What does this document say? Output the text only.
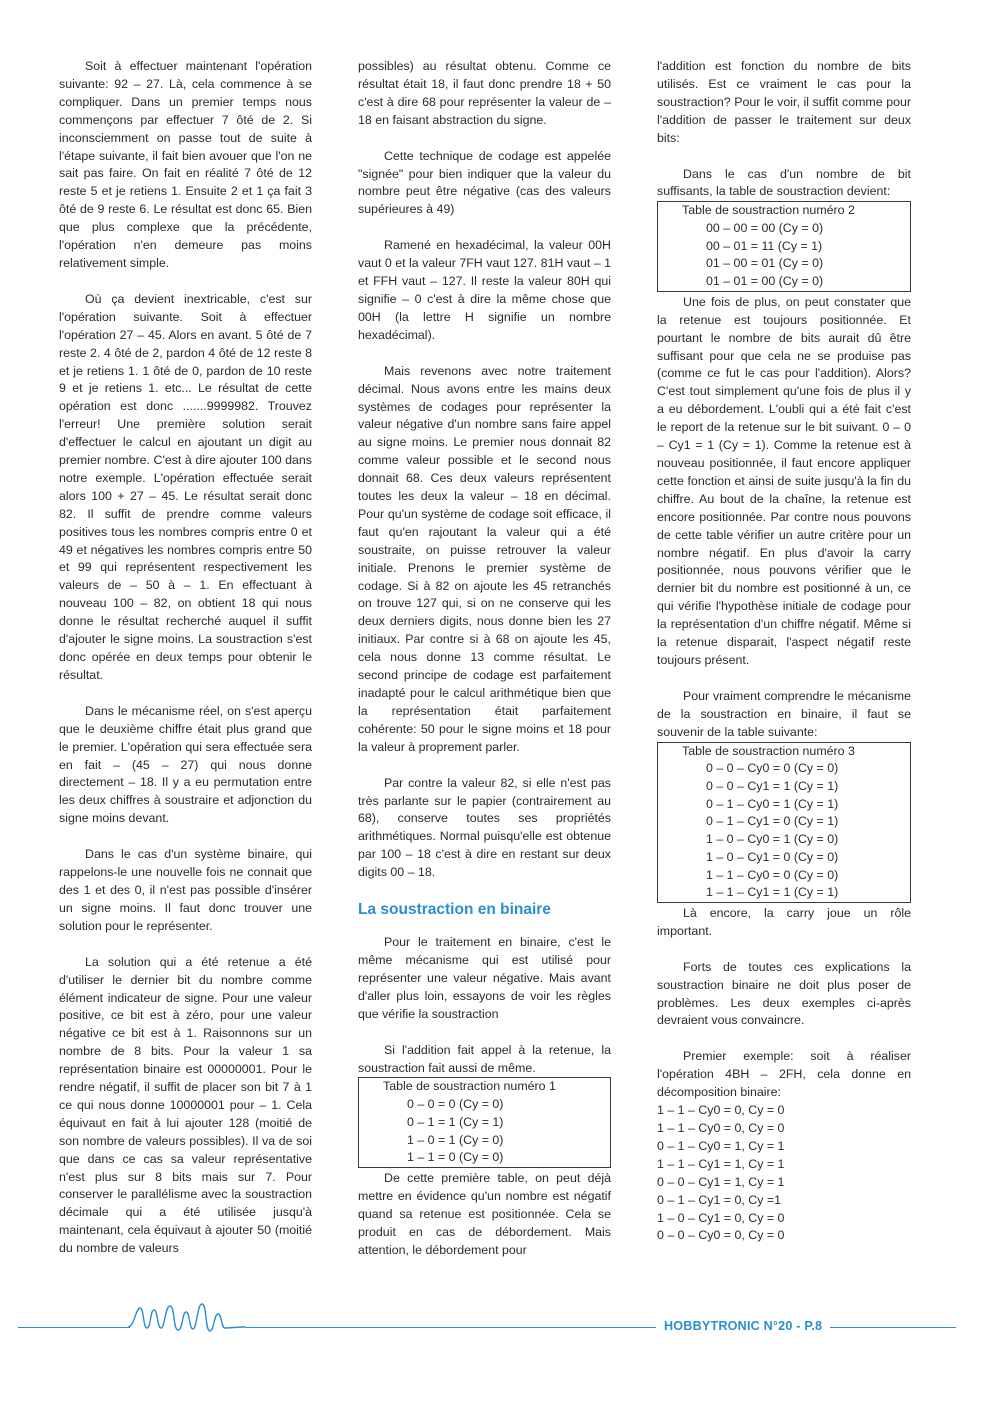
Soit à effectuer maintenant l'opération suivante: 92 – 27. Là, cela commence à se compliquer. Dans un premier temps nous commençons par effectuer 7 ôté de 2. Si inconsciemment on passe tout de suite à l'étape suivante, il fait bien avouer que l'on ne sait pas faire. On fait en réalité 7 ôté de 12 reste 5 et je retiens 1. Ensuite 2 et 1 ça fait 3 ôté de 9 reste 6. Le résultat est donc 65. Bien que plus complexe que la précédente, l'opération n'en demeure pas moins relativement simple.

Où ça devient inextricable, c'est sur l'opération suivante. Soit à effectuer l'opération 27 – 45. Alors en avant. 5 ôté de 7 reste 2. 4 ôté de 2, pardon 4 ôté de 12 reste 8 et je retiens 1. 1 ôté de 0, pardon de 10 reste 9 et je retiens 1. etc... Le résultat de cette opération est donc .......9999982. Trouvez l'erreur! Une première solution serait d'effectuer le calcul en ajoutant un digit au premier nombre. C'est à dire ajouter 100 dans notre exemple. L'opération effectuée serait alors 100 + 27 – 45. Le résultat serait donc 82. Il suffit de prendre comme valeurs positives tous les nombres compris entre 0 et 49 et négatives les nombres compris entre 50 et 99 qui représentent respectivement les valeurs de – 50 à – 1. En effectuant à nouveau 100 – 82, on obtient 18 qui nous donne le résultat recherché auquel il suffit d'ajouter le signe moins. La soustraction s'est donc opérée en deux temps pour obtenir le résultat.

Dans le mécanisme réel, on s'est aperçu que le deuxième chiffre était plus grand que le premier. L'opération qui sera effectuée sera en fait – (45 – 27) qui nous donne directement – 18. Il y a eu permutation entre les deux chiffres à soustraire et adjonction du signe moins devant.

Dans le cas d'un système binaire, qui rappelons-le une nouvelle fois ne connait que des 1 et des 0, il n'est pas possible d'insérer un signe moins. Il faut donc trouver une solution pour le représenter.

La solution qui a été retenue a été d'utiliser le dernier bit du nombre comme élément indicateur de signe. Pour une valeur positive, ce bit est à zéro, pour une valeur négative ce bit est à 1. Raisonnons sur un nombre de 8 bits. Pour la valeur 1 sa représentation binaire est 00000001. Pour le rendre négatif, il suffit de placer son bit 7 à 1 ce qui nous donne 10000001 pour – 1. Cela équivaut en fait à lui ajouter 128 (moitié de son nombre de valeurs possibles). Il va de soi que dans ce cas sa valeur représentative n'est plus sur 8 bits mais sur 7. Pour conserver le parallélisme avec la soustraction décimale qui a été utilisée jusqu'à maintenant, cela équivaut à ajouter 50 (moitié du nombre de valeurs

possibles) au résultat obtenu. Comme ce résultat était 18, il faut donc prendre 18 + 50 c'est à dire 68 pour représenter la valeur de – 18 en faisant abstraction du signe.

Cette technique de codage est appelée "signée" pour bien indiquer que la valeur du nombre peut être négative (cas des valeurs supérieures à 49)

Ramené en hexadécimal, la valeur 00H vaut 0 et la valeur 7FH vaut 127. 81H vaut – 1 et FFH vaut – 127. Il reste la valeur 80H qui signifie – 0 c'est à dire la même chose que 00H (la lettre H signifie un nombre hexadécimal).

Mais revenons avec notre traitement décimal. Nous avons entre les mains deux systèmes de codages pour représenter la valeur négative d'un nombre sans faire appel au signe moins. Le premier nous donnait 82 comme valeur possible et le second nous donnait 68. Ces deux valeurs représentent toutes les deux la valeur – 18 en décimal. Pour qu'un système de codage soit efficace, il faut qu'en rajoutant la valeur qui a été soustraite, on puisse retrouver la valeur initiale. Prenons le premier système de codage. Si à 82 on ajoute les 45 retranchés on trouve 127 qui, si on ne conserve qui les deux derniers digits, nous donne bien les 27 initiaux. Par contre si à 68 on ajoute les 45, cela nous donne 13 comme résultat. Le second principe de codage est parfaitement inadapté pour le calcul arithmétique bien que la représentation était parfaitement cohérente: 50 pour le signe moins et 18 pour la valeur à proprement parler.

Par contre la valeur 82, si elle n'est pas très parlante sur le papier (contrairement au 68), conserve toutes ses propriétés arithmétiques. Normal puisqu'elle est obtenue par 100 – 18 c'est à dire en restant sur deux digits 00 – 18.

La soustraction en binaire

Pour le traitement en binaire, c'est le même mécanisme qui est utilisé pour représenter une valeur négative. Mais avant d'aller plus loin, essayons de voir les règles que vérifie la soustraction

Si l'addition fait appel à la retenue, la soustraction fait aussi de même.

Table de soustraction numéro 1
0 – 0 = 0 (Cy = 0)
0 – 1 = 1 (Cy = 1)
1 – 0 = 1 (Cy = 0)
1 – 1 = 0 (Cy = 0)

De cette première table, on peut déjà mettre en évidence qu'un nombre est négatif quand sa retenue est positionnée. Cela se produit en cas de débordement. Mais attention, le débordement pour

l'addition est fonction du nombre de bits utilisés. Est ce vraiment le cas pour la soustraction? Pour le voir, il suffit comme pour l'addition de passer le traitement sur deux bits:

Dans le cas d'un nombre de bit suffisants, la table de soustraction devient:

Table de soustraction numéro 2
00 – 00 = 00 (Cy = 0)
00 – 01 = 11 (Cy = 1)
01 – 00 = 01 (Cy = 0)
01 – 01 = 00 (Cy = 0)

Une fois de plus, on peut constater que la retenue est toujours positionnée. Et pourtant le nombre de bits aurait dû être suffisant pour que cela ne se produise pas (comme ce fut le cas pour l'addition). Alors? C'est tout simplement qu'une fois de plus il y a eu débordement. L'oubli qui a été fait c'est le report de la retenue sur le bit suivant. 0 – 0 – Cy1 = 1 (Cy = 1). Comme la retenue est à nouveau positionnée, il faut encore appliquer cette fonction et ainsi de suite jusqu'à la fin du chiffre. Au bout de la chaîne, la retenue est encore positionnée. Par contre nous pouvons de cette table vérifier un autre critère pour un nombre négatif. En plus d'avoir la carry positionnée, nous pouvons vérifier que le dernier bit du nombre est positionné à un, ce qui vérifie l'hypothèse initiale de codage pour la représentation d'un chiffre négatif. Même si la retenue disparait, l'aspect négatif reste toujours présent.

Pour vraiment comprendre le mécanisme de la soustraction en binaire, il faut se souvenir de la table suivante:

Table de soustraction numéro 3
0 – 0 – Cy0 = 0 (Cy = 0)
0 – 0 – Cy1 = 1 (Cy = 1)
0 – 1 – Cy0 = 1 (Cy = 1)
0 – 1 – Cy1 = 0 (Cy = 1)
1 – 0 – Cy0 = 1 (Cy = 0)
1 – 0 – Cy1 = 0 (Cy = 0)
1 – 1 – Cy0 = 0 (Cy = 0)
1 – 1 – Cy1 = 1 (Cy = 1)

Là encore, la carry joue un rôle important.

Forts de toutes ces explications la soustraction binaire ne doit plus poser de problèmes. Les deux exemples ci-après devraient vous convaincre.

Premier exemple: soit à réaliser l'opération 4BH – 2FH, cela donne en décomposition binaire:

1 – 1 – Cy0 = 0, Cy = 0
1 – 1 – Cy0 = 0, Cy = 0
0 – 1 – Cy0 = 1, Cy = 1
1 – 1 – Cy1 = 1, Cy = 1
0 – 0 – Cy1 = 1, Cy = 1
0 – 1 – Cy1 = 0, Cy =1
1 – 0 – Cy1 = 0, Cy = 0
0 – 0 – Cy0 = 0, Cy = 0
HOBBYTRONIC N°20 - P.8
